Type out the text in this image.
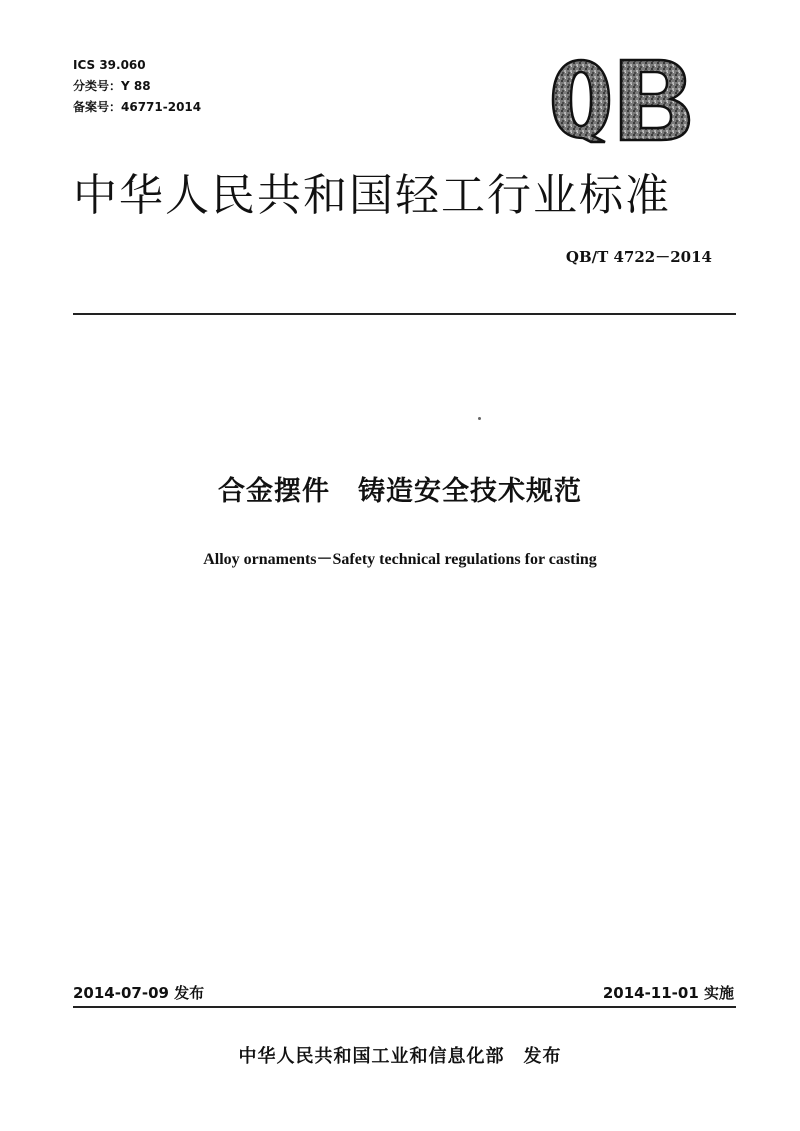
ICS 39.060
分类号：Y 88
备案号：46771-2014
中华人民共和国轻工行业标准
QB/T 4722－2014
合金摆件　铸造安全技术规范
Alloy ornaments－Safety technical regulations for casting
2014-07-09 发布	2014-11-01 实施
中华人民共和国工业和信息化部　发布
